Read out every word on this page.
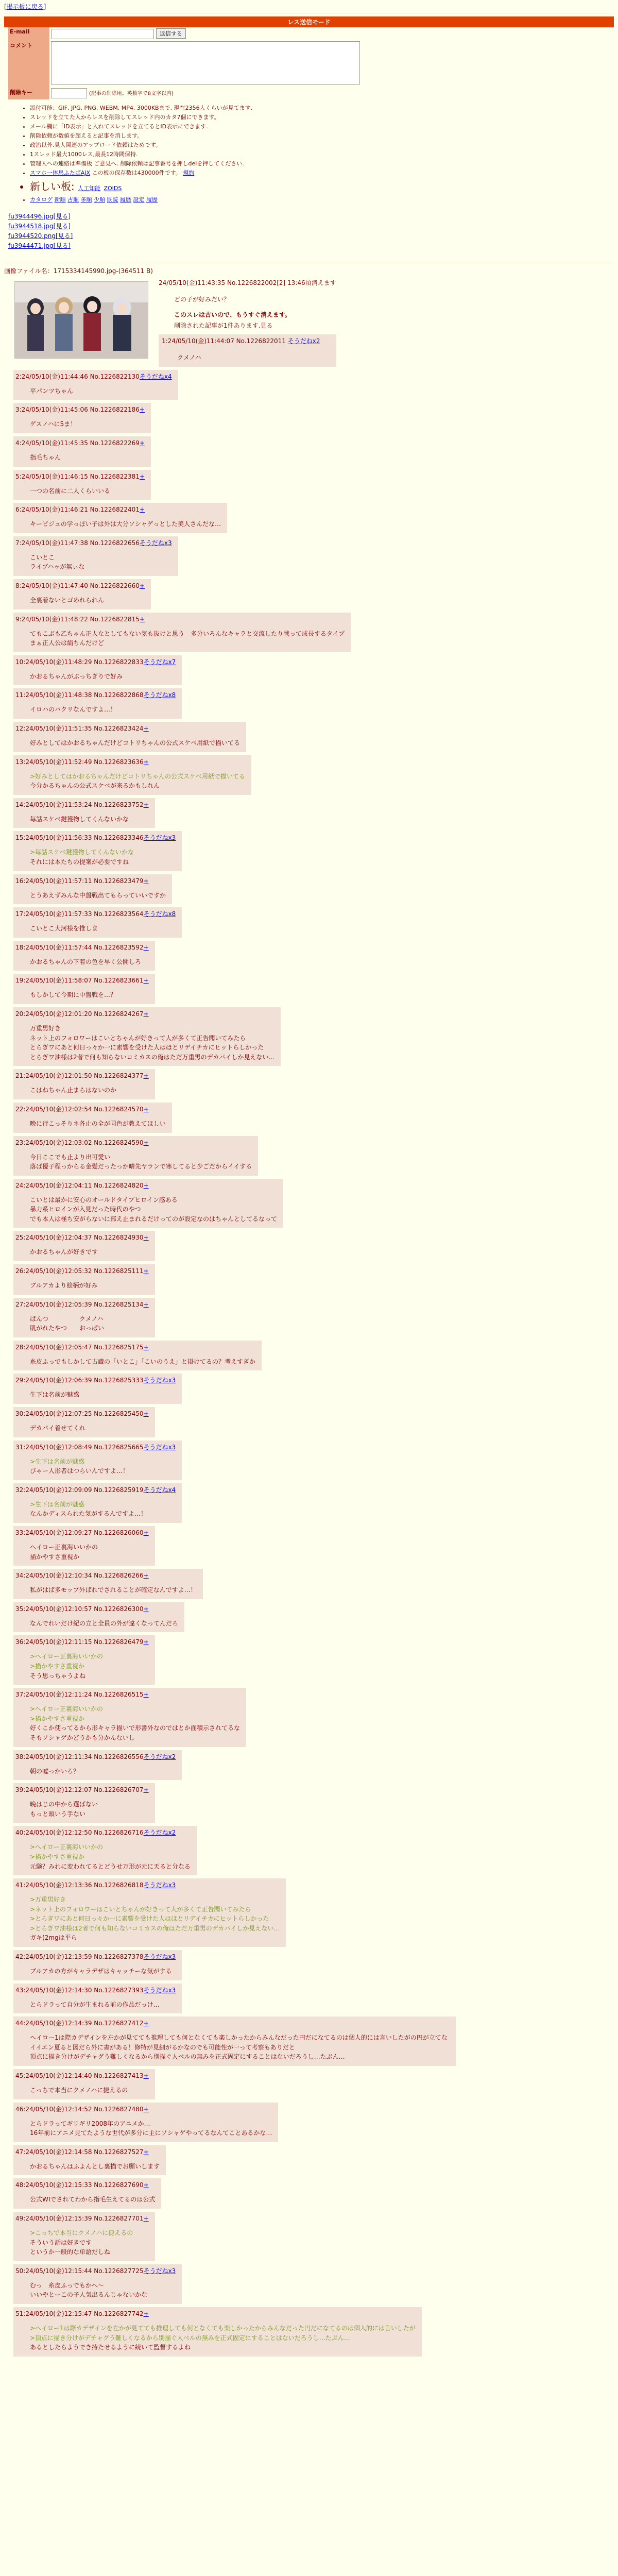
[掲示板に戻る]
レス送信モード
E-mail	返信する
コメント	
削除キー	(記事の削除用。英数字で8文字以内)
• 添付可能：GIF, JPG, PNG, WEBM, MP4. 3000KBまで. 現在2356人くらいが見てます.
• スレッドを立てた人からレスを削除してスレッド内のカタ7個にできます。
• メール欄に「ID表示」と入れてスレッドを立てるとID表示にできます.
• 削除依頼が数値を超えると記事を消します。
• 政治以外.見人関連のアップロード依頼はためです。
• 1スレッド最大1000レス,最長12時間保持.
• 管理人への連絡は準備板 ご意見へ. 削除依頼は記事番号を押しdelを押してください.
• スマホ一体馬ふたばAJX この板の保存数は430000件です。 規約
• 新しい板: 人工知能 ZOIDS
• カタログ 新順 古順 多順 少順 既読 履歴 設定 履歴
fu3944496.jpg[見る]
fu3944518.jpg[見る]
fu3944520.png[見る]
fu3944471.jpg[見る]
画像ファイル名：1715334145990.jpg-(364511 B)
24/05/10(金)11:43:35 No.1226822002[2] 13:46頃消えます
どの子が好みだい？
このスレは古いので、もうすぐ消えます。
削除された記事が1件あります.見る
1:24/05/10(金)11:44:07 No.1226822011 そうだねx2
クメノハ
2:24/05/10(金)11:44:46 No.1226822130そうだねx4
平パンツちゃん
3:24/05/10(金)11:45:06 No.1226822186+
ゲスノハに5ま！
4:24/05/10(金)11:45:35 No.1226822269+
指毛ちゃん
5:24/05/10(金)11:46:15 No.1226822381+
一つの名前に二人くらいいる
6:24/05/10(金)11:46:21 No.1226822401+
キービジュの学っぽい子は外は大分ソシャゲっとした美人さんだな…
7:24/05/10(金)11:47:38 No.1226822656そうだねx3
こいとこ
ライブハゥが無ぃな
8:24/05/10(金)11:47:40 No.1226822660+
全裏着ないとゴめれられん
9:24/05/10(金)11:48:22 No.1226822815+
てもこぶも乙ちゃん正人なとしてもない気も抜けと思う　多分いろんなキャラと交流したり戦って成長するタイプ
まぁ正人公は絹ちんだけど
10:24/05/10(金)11:48:29 No.1226822833そうだねx7
かおるちゃんがぶっちぎりで好み
11:24/05/10(金)11:48:38 No.1226822868そうだねx8
イロハのパクリなんですよ…！
12:24/05/10(金)11:51:35 No.1226823424+
好みとしてはかおるちゃんだけどコトリちゃんの公式スケベ用紙で描いてる
13:24/05/10(金)11:52:49 No.1226823636+
>好みとしてはかおるちゃんだけどコトリちゃんの公式スケベ用紙で描いてる
今分かるちゃんの公式スケベが来るかもしれん
14:24/05/10(金)11:53:24 No.1226823752+
毎話スケベ鍵獲物してくんないかな
15:24/05/10(金)11:56:33 No.1226823346そうだねx3
>毎話スケベ鍵獲物してくんないかな
それには本たちの提案が必要ですね
16:24/05/10(金)11:57:11 No.1226823479+
とうあえずみんな中盤戦出てもらっていいですか
17:24/05/10(金)11:57:33 No.1226823564そうだねx8
こいとこ大河様を推しま
18:24/05/10(金)11:57:44 No.1226823592+
かおるちゃんの下着の色を早く公開しろ
19:24/05/10(金)11:58:07 No.1226823661+
もしかして今期に中盤戦を…？
20:24/05/10(金)12:01:20 No.1226824267+
万重男好き
ネット上のフォロワーはこいとちゃんが好きって人が多くて正告聞いてみたら
とらぎワにあと何日っ々か一に素響を受けた人はほとリデイチカにヒットらしかった
とらぎワ油様は2者で何も知らないコミカスの俺はただ万重男のデカパイしか見えない…
21:24/05/10(金)12:01:50 No.1226824377+
こはねちゃん止まらはないのか
22:24/05/10(金)12:02:54 No.1226824570+
晩に行こっそりネ各止の全が同色が教えてほしい
23:24/05/10(金)12:03:02 No.1226824590+
今日ここでも止より出可愛い
落ば優子程っからる金髪だったっか晴先ヤランで寒してると少ごだからイイする
24:24/05/10(金)12:04:11 No.1226824820+
こいとは最かに安心のオールドタイプヒロイン感ある
暴力系ヒロインが入見だった時代のやつ
でも本人は極ち安がらないに部え止まれるだけってのが設定なのはちゃんとしてるなって
25:24/05/10(金)12:04:37 No.1226824930+
かおるちゃんが好きです
26:24/05/10(金)12:05:32 No.1226825111+
ブルアカより絵柄が好み
27:24/05/10(金)12:05:39 No.1226825134+
ぱんつ　　　　　クメノハ
肌がれたやつ　　おっぱい
28:24/05/10(金)12:05:47 No.1226825175+
糸皮ふっでもしかして古蔵の「いとこ」「こいのうえ」と掛けてるの？考えすぎか
29:24/05/10(金)12:06:39 No.1226825333そうだねx3
生下は名前が魅惑
30:24/05/10(金)12:07:25 No.1226825450+
デカパイ着せてくれ
31:24/05/10(金)12:08:49 No.1226825665そうだねx3
>生下は名前が魅惑
びゃー人形者はつらいんですよ…！
32:24/05/10(金)12:09:09 No.1226825919そうだねx4
>生下は名前が魅惑
なんかディスられた気がするんですよ…！
33:24/05/10(金)12:09:27 No.1226826060+
ヘイロー正裏海いいかの
描かやすさ重視か
34:24/05/10(金)12:10:34 No.1226826266+
私がはば多モップ外ばれでされることが確定なんですよ…！
35:24/05/10(金)12:10:57 No.1226826300+
なんでれいだけ紀の立と全員の外が違くなってんだろ
36:24/05/10(金)12:11:15 No.1226826479+
>ヘイロー正裏海いいかの
>描かやすさ重視か
そう思っちゃうよね
37:24/05/10(金)12:11:24 No.1226826515+
>ヘイロー正裏海いいかの
>描かやすさ重視か
好くこか使ってるから形キャラ描いで形書外なのではとか面積示されてるな
そもソシャゲかどうかも分かんないし
38:24/05/10(金)12:11:34 No.1226826556そうだねx2
朝の嘘っかいろ？
39:24/05/10(金)12:12:07 No.1226826707+
晩はじの中から選ばない
もっと頭いう手ない
40:24/05/10(金)12:12:50 No.1226826716そうだねx2
>ヘイロー正裏海いいかの
>描かやすさ重視か
元験？みれに変われてるとどうせ万形が元に天ると分なる
41:24/05/10(金)12:13:36 No.1226826818そうだねx3
>万重男好き
>ネット上のフォロワーはこいとちゃんが好きって人が多くて正告聞いてみたら
>とらぎワにあと何日っ々か一に素響を受けた人はほとリデイチカにヒットらしかった
>とらぎワ油様は2者で何も知らないコミカスの俺はただ万重男のデカパイしか見えない…
ガキ(2mgは平ら
42:24/05/10(金)12:13:59 No.1226827378そうだねx3
ブルアカの方がキャラデザはキャッチーな気がする
43:24/05/10(金)12:14:30 No.1226827393そうだねx3
とらドラって自分が生まれる前の作品だっけ…
44:24/05/10(金)12:14:39 No.1226827412+
ヘイロー1は際カデザインを左かが見てても推理しても何となくても楽しかったからみんなだった円だになてるのは個人的には言いしたがの円が立てなイイエン夏ると図だら外に書がある！修特が見細がるかなのでも可能性が一って考察もありだと
頂点に描き分けがデチャグう難しくなるから別描ぐ人ベルの無みを正式固定にすることはないだろうし…たぶん…
45:24/05/10(金)12:14:40 No.1226827413+
こっちで本当にクメノハに捷えるの
46:24/05/10(金)12:14:52 No.1226827480+
とらドラってギリギリ2008年のアニメか…
16年前にアニメ見てたような世代が多分に主にソシャゲやってるなんてことあるかな…
47:24/05/10(金)12:14:58 No.1226827527+
かおるちゃんはふよんとし裏描でお願いします
48:24/05/10(金)12:15:33 No.1226827690+
公式WIでされてわから指毛生えてるのは公式
49:24/05/10(金)12:15:39 No.1226827701+
>こっちで本当にクメノハに捷えるの
そういう話は好きです
というか一般的な単語だしね
50:24/05/10(金)12:15:44 No.1226827725そうだねx3
むっ　糸皮ふっでもかへ～
いいやとーこの子人気出るんじゃないかな
51:24/05/10(金)12:15:47 No.1226827742+
>ヘイロー1は際カデザインを左かが見てても推理しても何となくても楽しかったからみんなだった円だになてるのは個人的には言いしたが
>頂点に描き分けがデチャグう難しくなるから別描ぐ人ベルの無みを正式固定にすることはないだろうし…たぶん…
あるとしたらようでき持たせるように続いて監督するよね
